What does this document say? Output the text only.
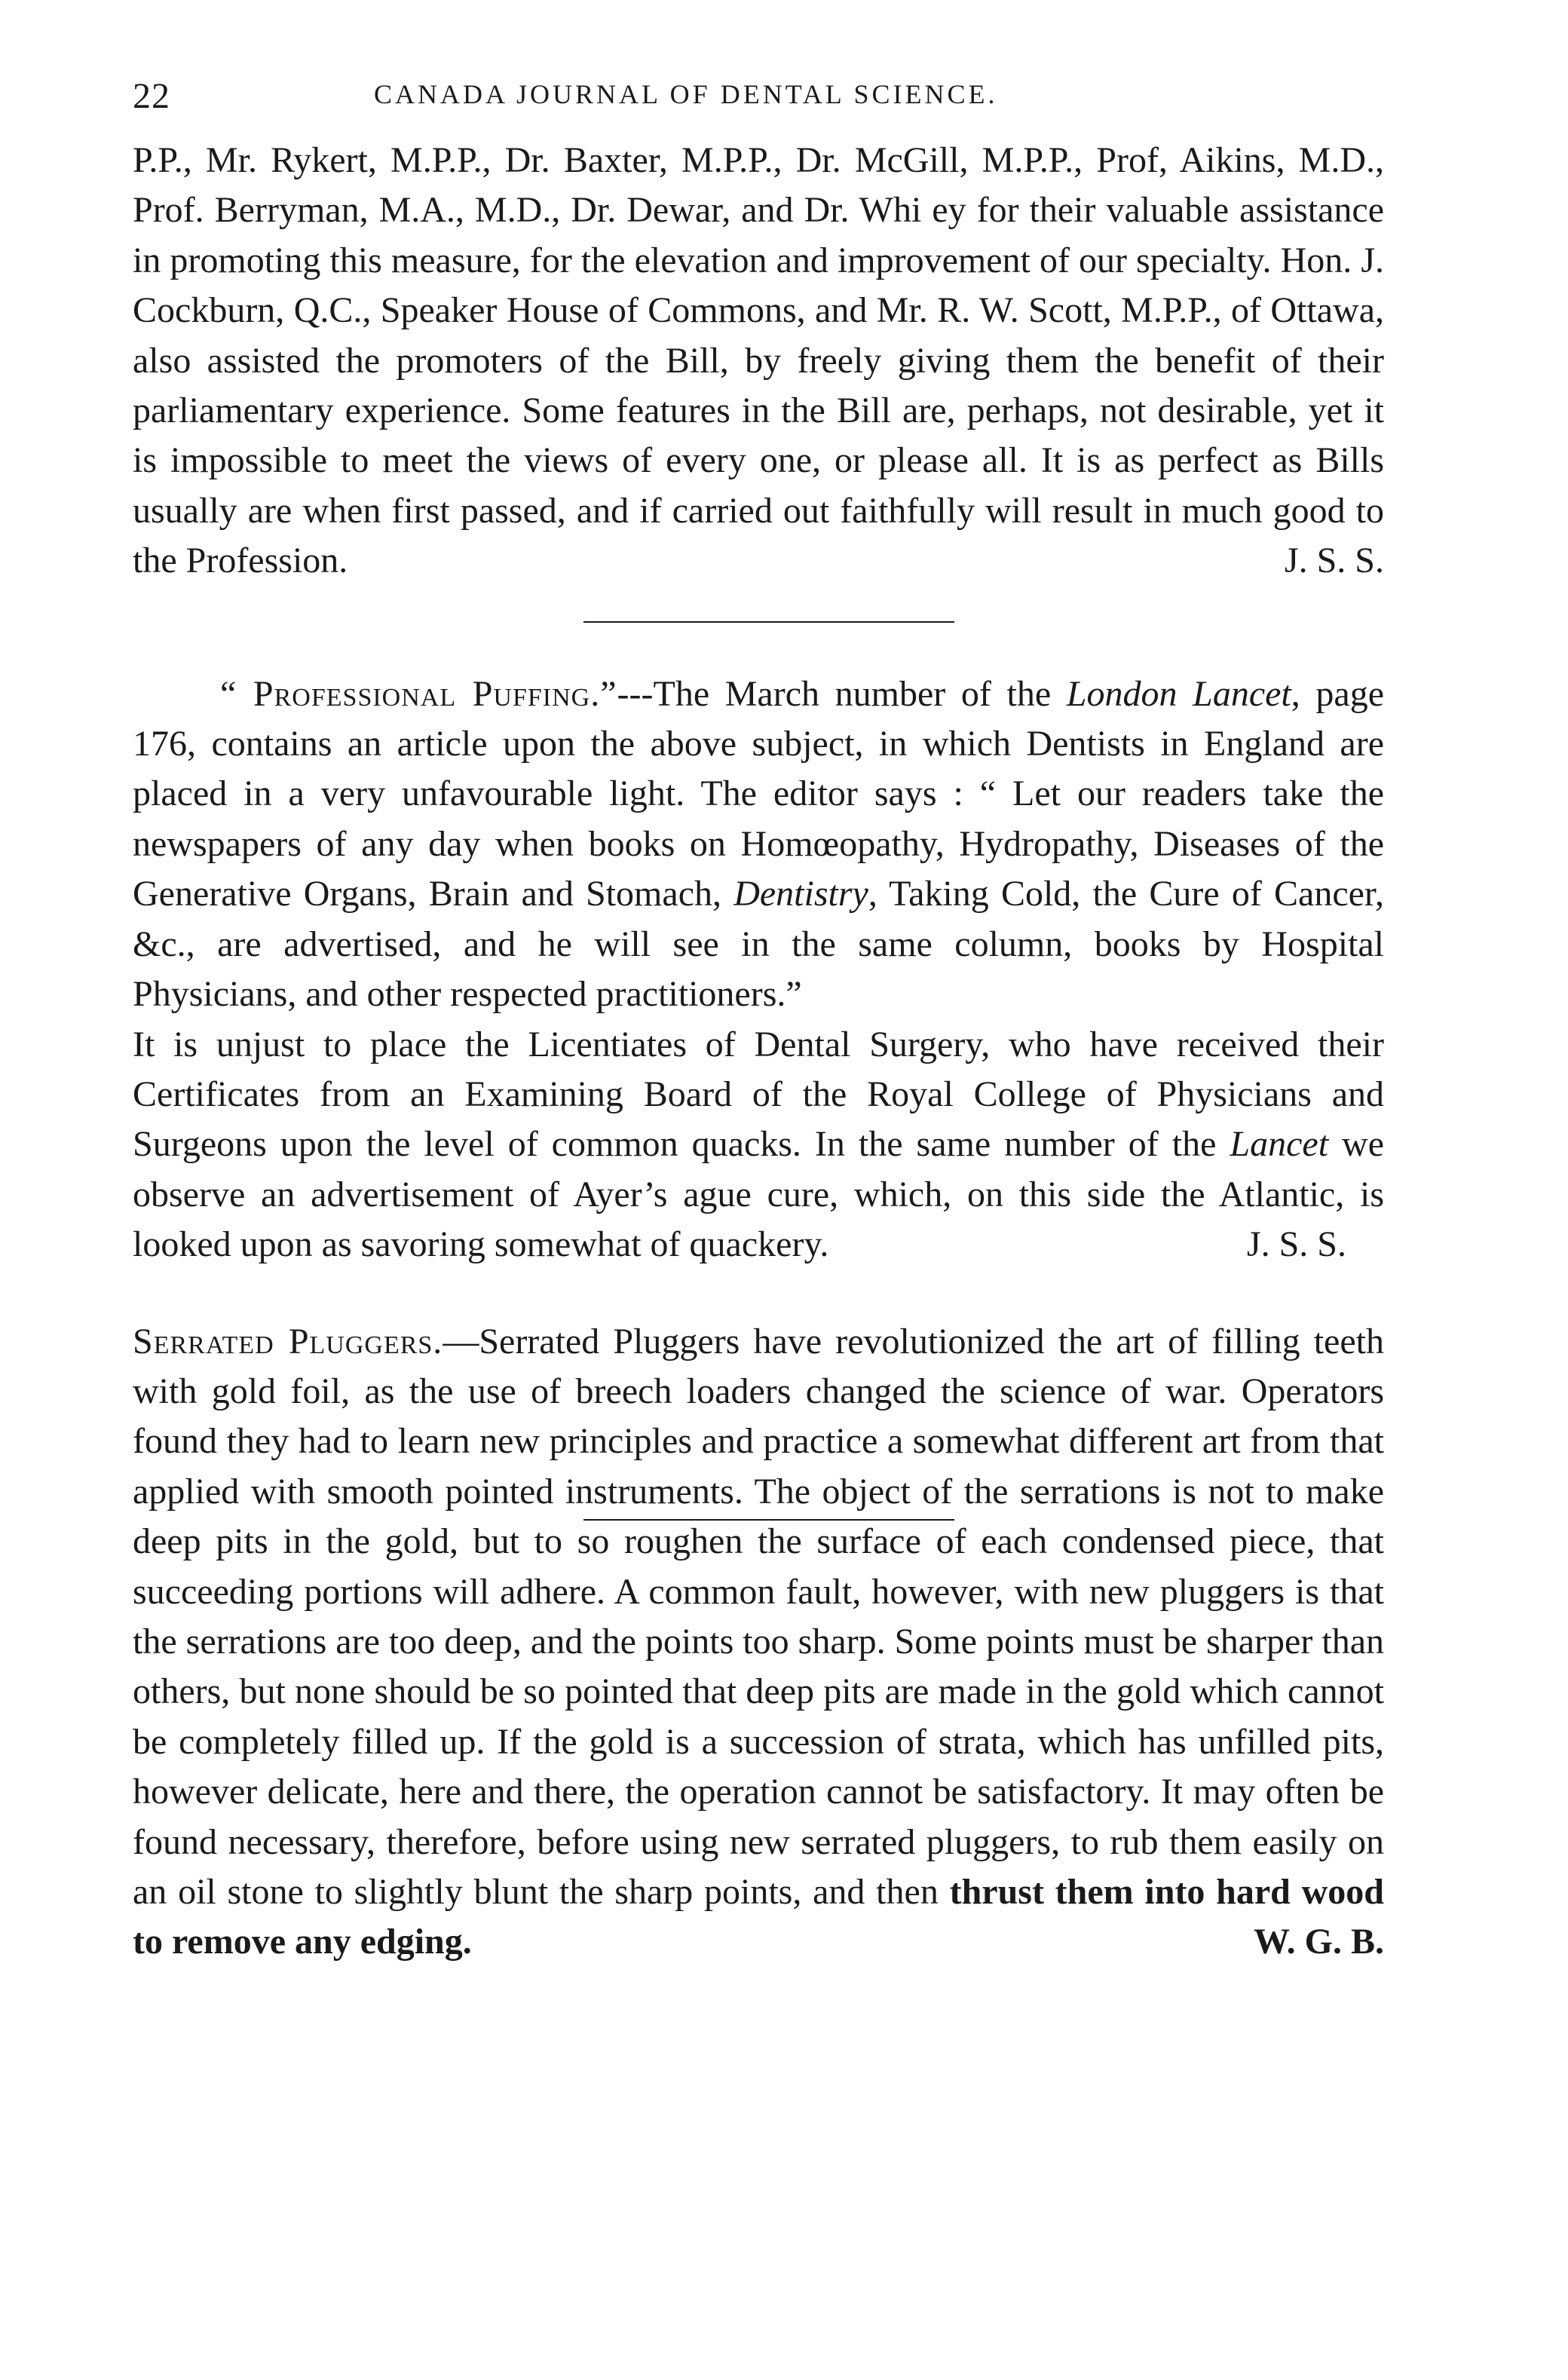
22	CANADA JOURNAL OF DENTAL SCIENCE.

P.P., Mr. Rykert, M.P.P., Dr. Baxter, M.P.P., Dr. McGill, M.P.P., Prof, Aikins, M.D., Prof. Berryman, M.A., M.D., Dr. Dewar, and Dr. Whi ey for their valuable assistance in promoting this measure, for the elevation and improvement of our specialty. Hon. J. Cockburn, Q.C., Speaker House of Commons, and Mr. R. W. Scott, M.P.P., of Ottawa, also assisted the promoters of the Bill, by freely giving them the benefit of their parliamentary experience. Some features in the Bill are, perhaps, not desirable, yet it is impossible to meet the views of every one, or please all. It is as perfect as Bills usually are when first passed, and if carried out faithfully will result in much good to the Profession.	J. S. S.

“ Professional Puffing.”---The March number of the London Lancet, page 176, contains an article upon the above subject, in which Dentists in England are placed in a very unfavourable light. The editor says : “ Let our readers take the newspapers of any day when books on Homœopathy, Hydropathy, Diseases of the Generative Organs, Brain and Stomach, Dentistry, Taking Cold, the Cure of Cancer, &c., are advertised, and he will see in the same column, books by Hospital Physicians, and other respected practitioners.”

It is unjust to place the Licentiates of Dental Surgery, who have received their Certificates from an Examining Board of the Royal College of Physicians and Surgeons upon the level of common quacks. In the same number of the Lancet we observe an advertisement of Ayer’s ague cure, which, on this side the Atlantic, is looked upon as savoring somewhat of quackery.	J. S. S.

Serrated Pluggers.—Serrated Pluggers have revolutionized the art of filling teeth with gold foil, as the use of breech loaders changed the science of war. Operators found they had to learn new principles and practice a somewhat different art from that applied with smooth pointed instruments. The object of the serrations is not to make deep pits in the gold, but to so roughen the surface of each condensed piece, that succeeding portions will adhere. A common fault, however, with new pluggers is that the serrations are too deep, and the points too sharp. Some points must be sharper than others, but none should be so pointed that deep pits are made in the gold which cannot be completely filled up. If the gold is a succession of strata, which has unfilled pits, however delicate, here and there, the operation cannot be satisfactory. It may often be found necessary, therefore, before using new serrated pluggers, to rub them easily on an oil stone to slightly blunt the sharp points, and then thrust them into hard wood to remove any edging.	W. G. B.
